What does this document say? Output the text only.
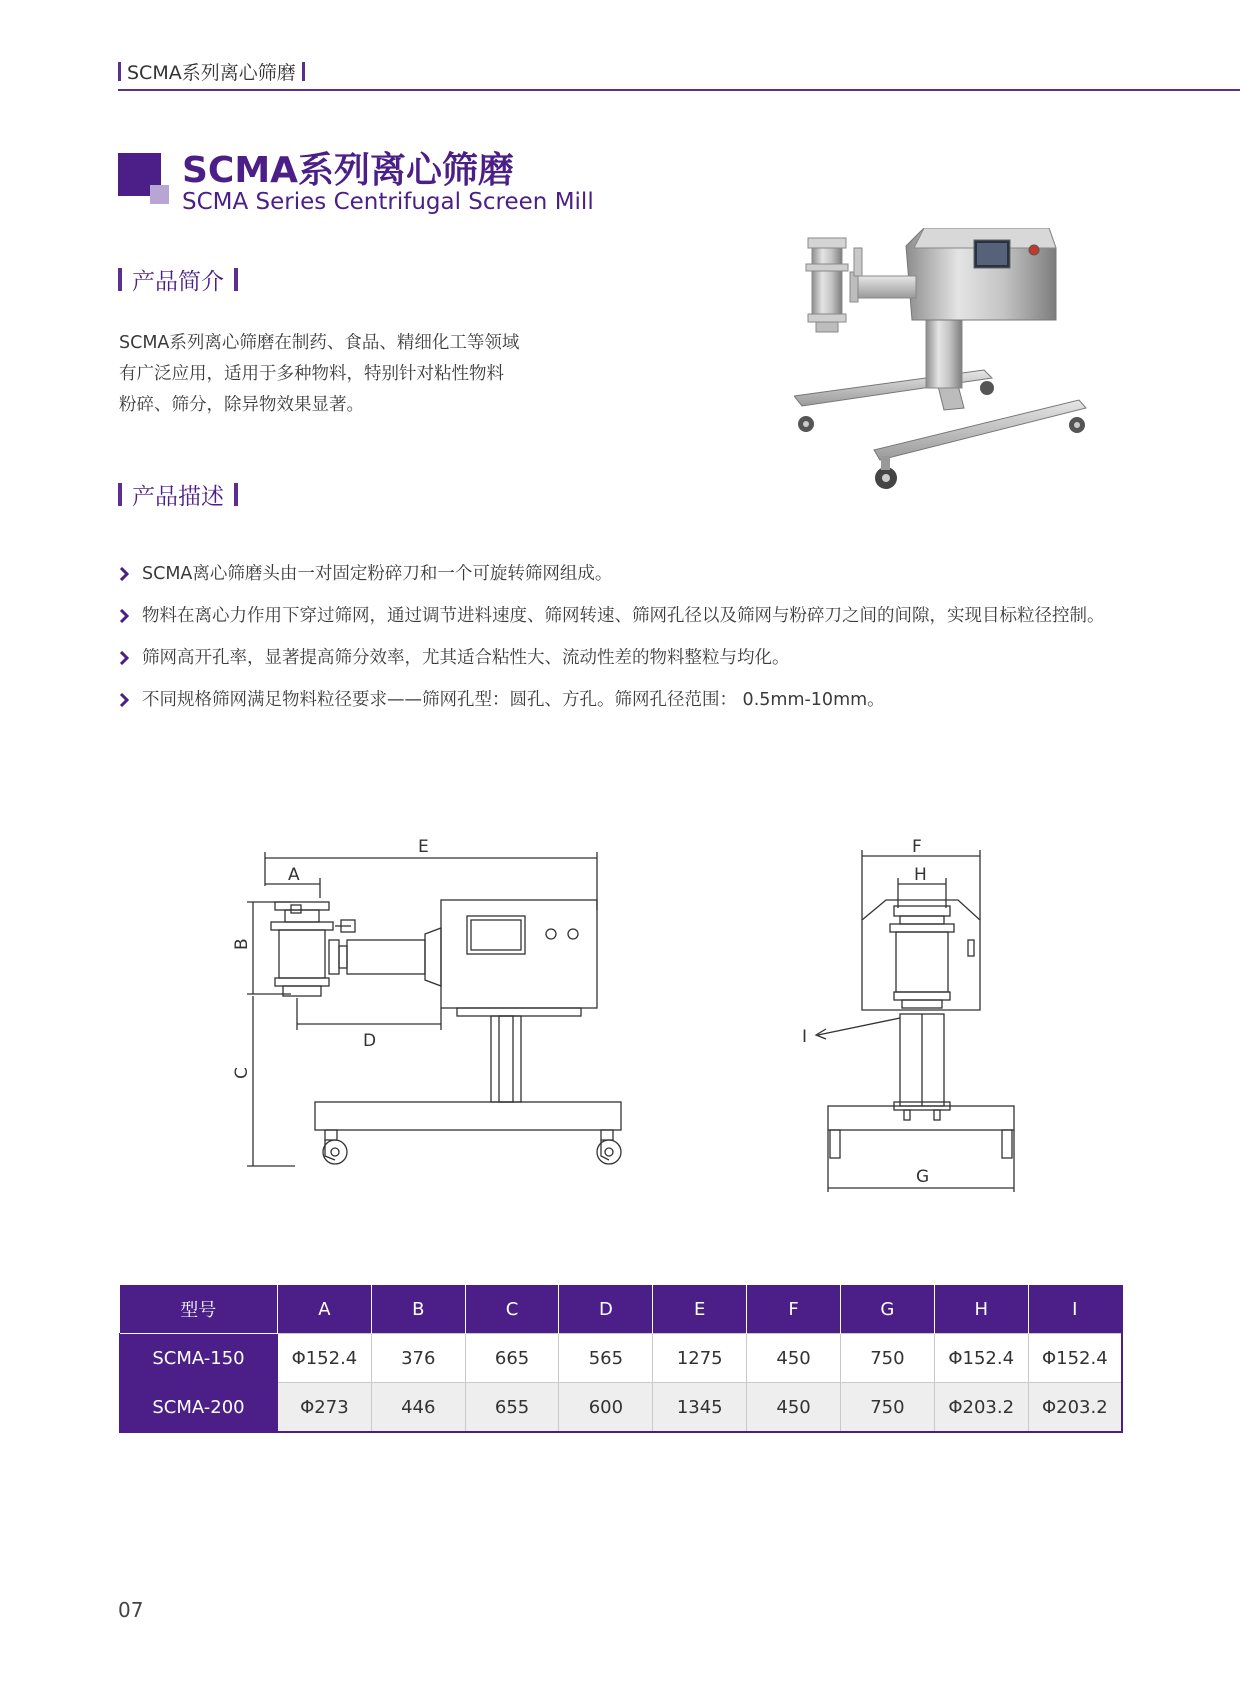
SCMA系列离心筛磨
SCMA系列离心筛磨
SCMA Series Centrifugal Screen Mill
产品简介
SCMA系列离心筛磨在制药、食品、精细化工等领域
有广泛应用，适用于多种物料，特别针对粘性物料
粉碎、筛分，除异物效果显著。
产品描述
SCMA离心筛磨头由一对固定粉碎刀和一个可旋转筛网组成。
物料在离心力作用下穿过筛网，通过调节进料速度、筛网转速、筛网孔径以及筛网与粉碎刀之间的间隙，实现目标粒径控制。
筛网高开孔率，显著提高筛分效率，尤其适合粘性大、流动性差的物料整粒与均化。
不同规格筛网满足物料粒径要求——筛网孔型：圆孔、方孔。筛网孔径范围： 0.5mm-10mm。
E
A
B
C
D
F
H
I
G
型号	A	B	C	D	E	F	G	H	I
SCMA-150	Φ152.4	376	665	565	1275	450	750	Φ152.4	Φ152.4
SCMA-200	Φ273	446	655	600	1345	450	750	Φ203.2	Φ203.2
07
